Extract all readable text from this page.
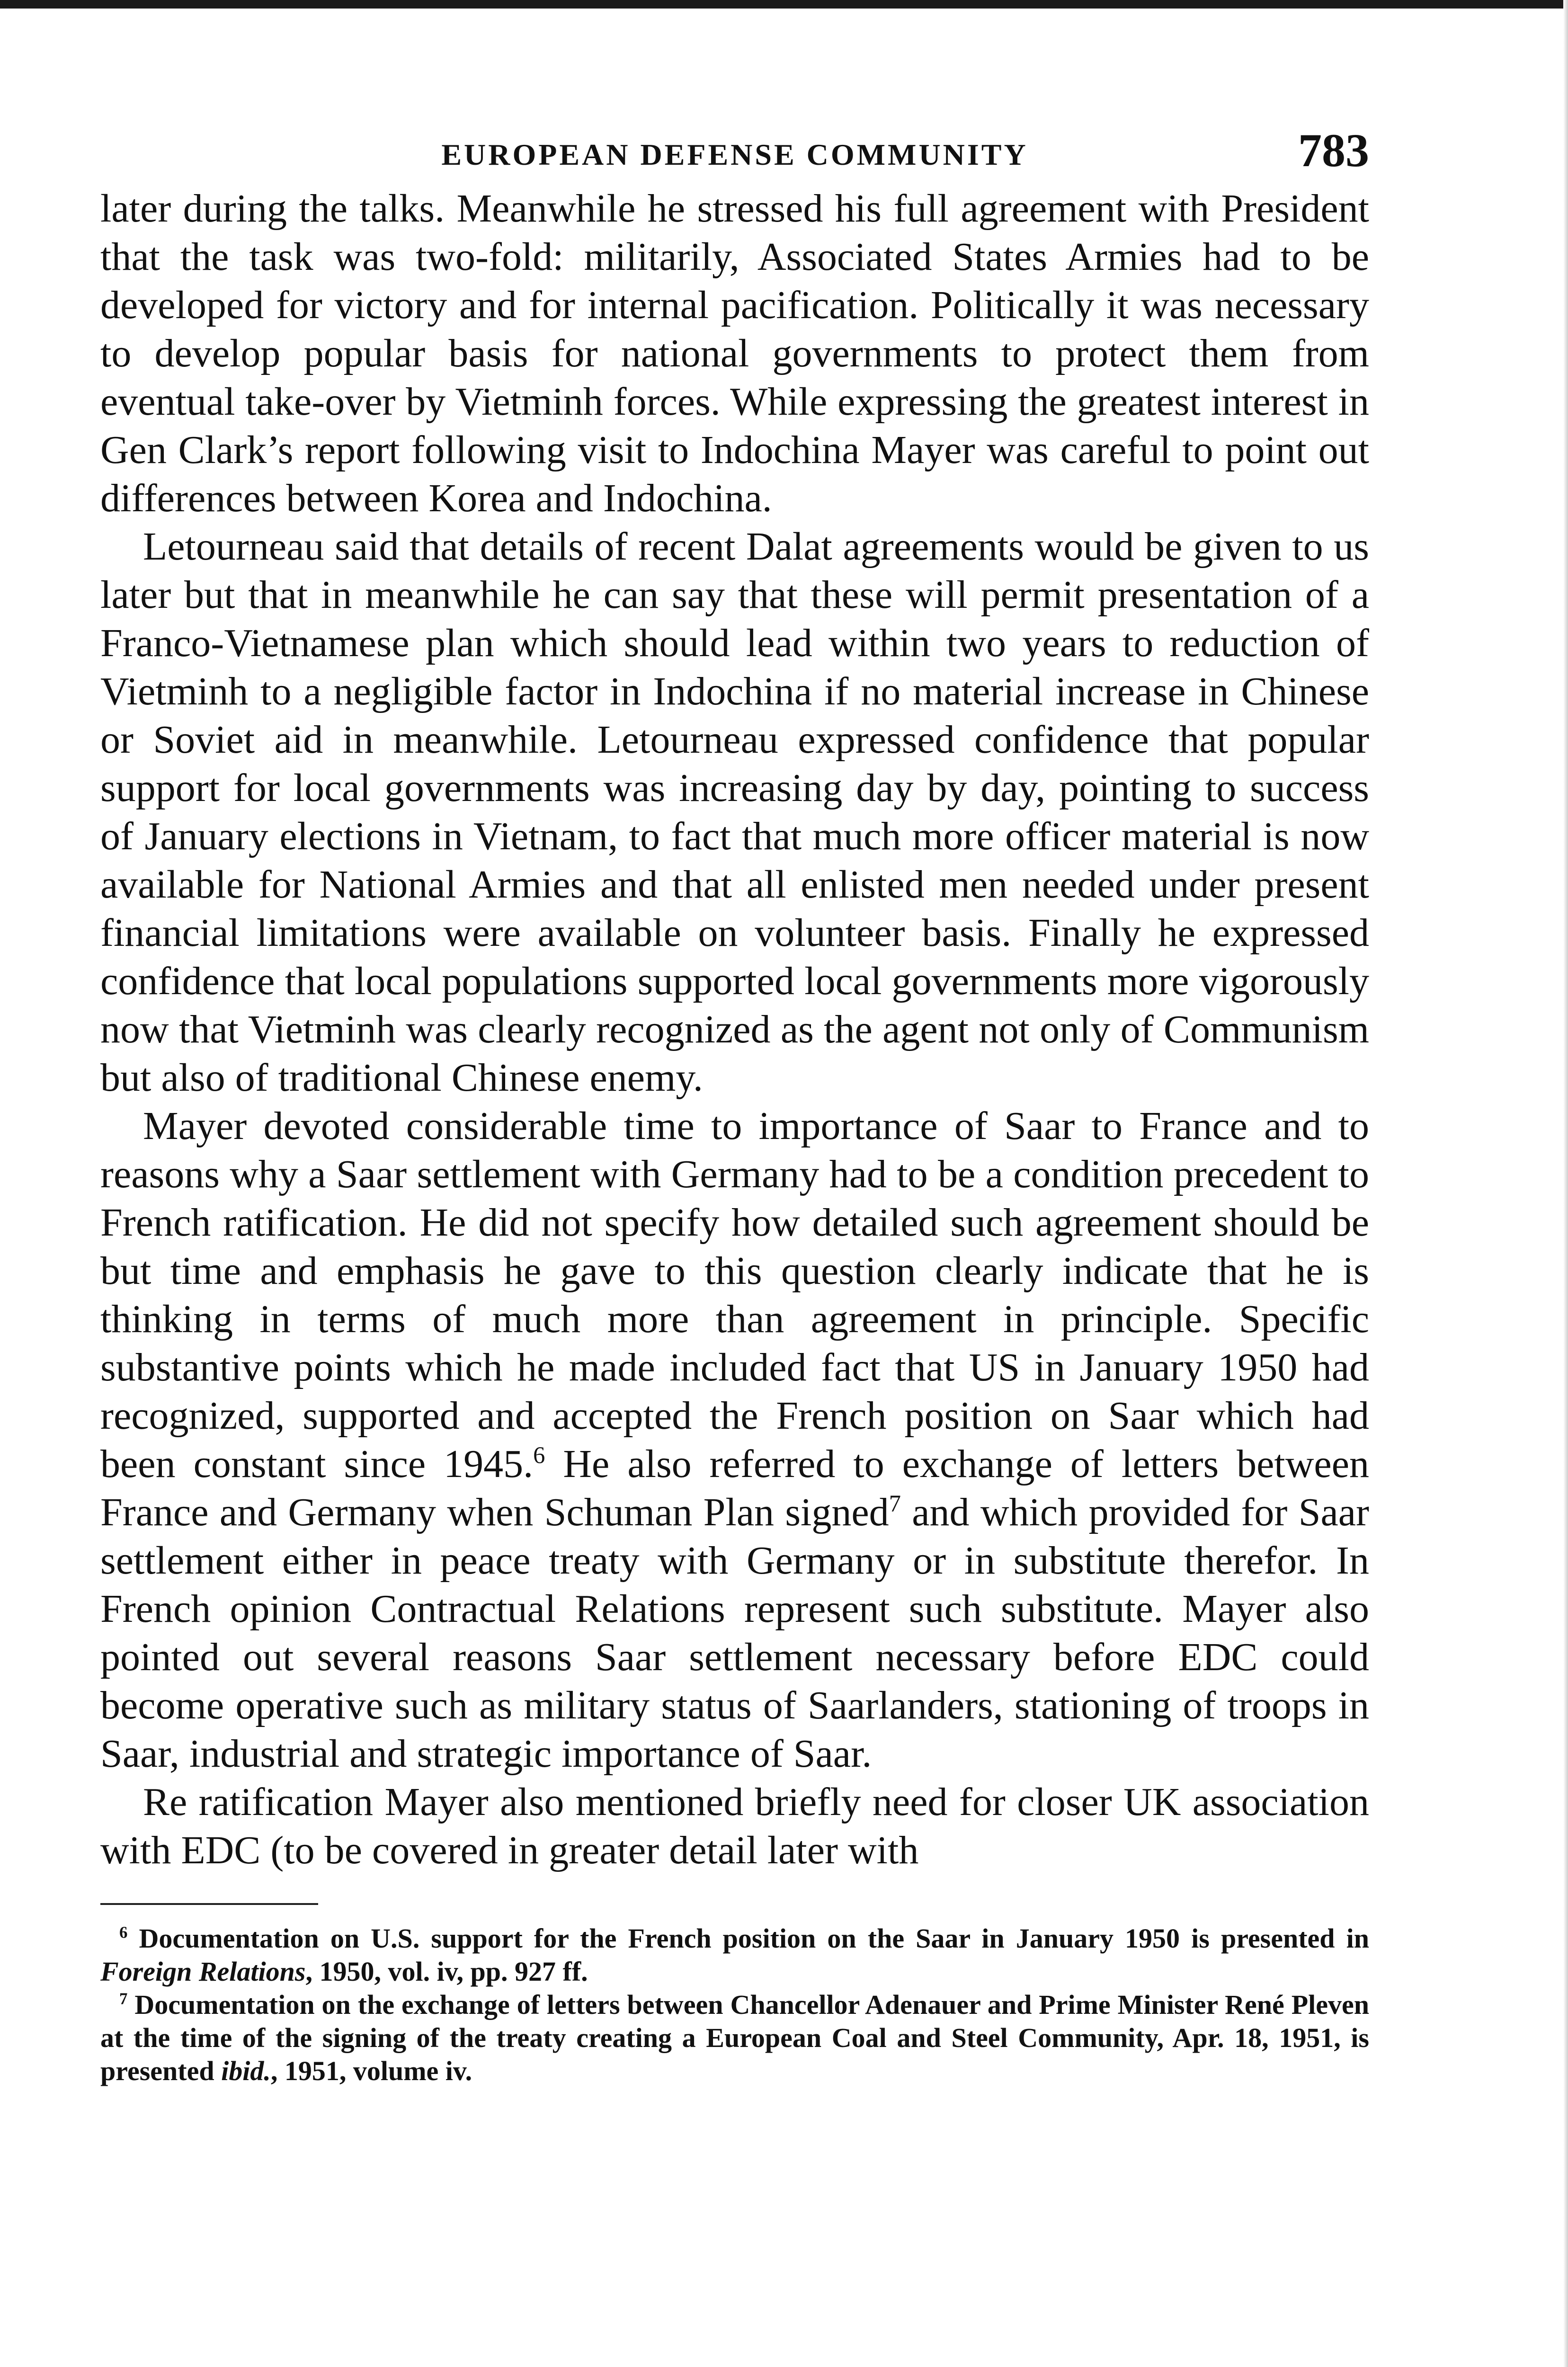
EUROPEAN DEFENSE COMMUNITY	783

later during the talks. Meanwhile he stressed his full agreement with President that the task was two-fold: militarily, Associated States Armies had to be developed for victory and for internal pacification. Politically it was necessary to develop popular basis for national governments to protect them from eventual take-over by Vietminh forces. While expressing the greatest interest in Gen Clark’s report following visit to Indochina Mayer was careful to point out differences between Korea and Indochina.

Letourneau said that details of recent Dalat agreements would be given to us later but that in meanwhile he can say that these will permit presentation of a Franco-Vietnamese plan which should lead within two years to reduction of Vietminh to a negligible factor in Indochina if no material increase in Chinese or Soviet aid in meanwhile. Letourneau expressed confidence that popular support for local governments was increasing day by day, pointing to success of January elections in Vietnam, to fact that much more officer material is now available for National Armies and that all enlisted men needed under present financial limitations were available on volunteer basis. Finally he expressed confidence that local populations supported local governments more vigorously now that Vietminh was clearly recognized as the agent not only of Communism but also of traditional Chinese enemy.

Mayer devoted considerable time to importance of Saar to France and to reasons why a Saar settlement with Germany had to be a condition precedent to French ratification. He did not specify how detailed such agreement should be but time and emphasis he gave to this question clearly indicate that he is thinking in terms of much more than agreement in principle. Specific substantive points which he made included fact that US in January 1950 had recognized, supported and accepted the French position on Saar which had been constant since 1945.$^6$ He also referred to exchange of letters between France and Germany when Schuman Plan signed$^7$ and which provided for Saar settlement either in peace treaty with Germany or in substitute therefor. In French opinion Contractual Relations represent such substitute. Mayer also pointed out several reasons Saar settlement necessary before EDC could become operative such as military status of Saarlanders, stationing of troops in Saar, industrial and strategic importance of Saar.

Re ratification Mayer also mentioned briefly need for closer UK association with EDC (to be covered in greater detail later with

$^6$ Documentation on U.S. support for the French position on the Saar in January 1950 is presented in Foreign Relations, 1950, vol. iv, pp. 927 ff.

$^7$ Documentation on the exchange of letters between Chancellor Adenauer and Prime Minister René Pleven at the time of the signing of the treaty creating a European Coal and Steel Community, Apr. 18, 1951, is presented ibid., 1951, volume iv.
